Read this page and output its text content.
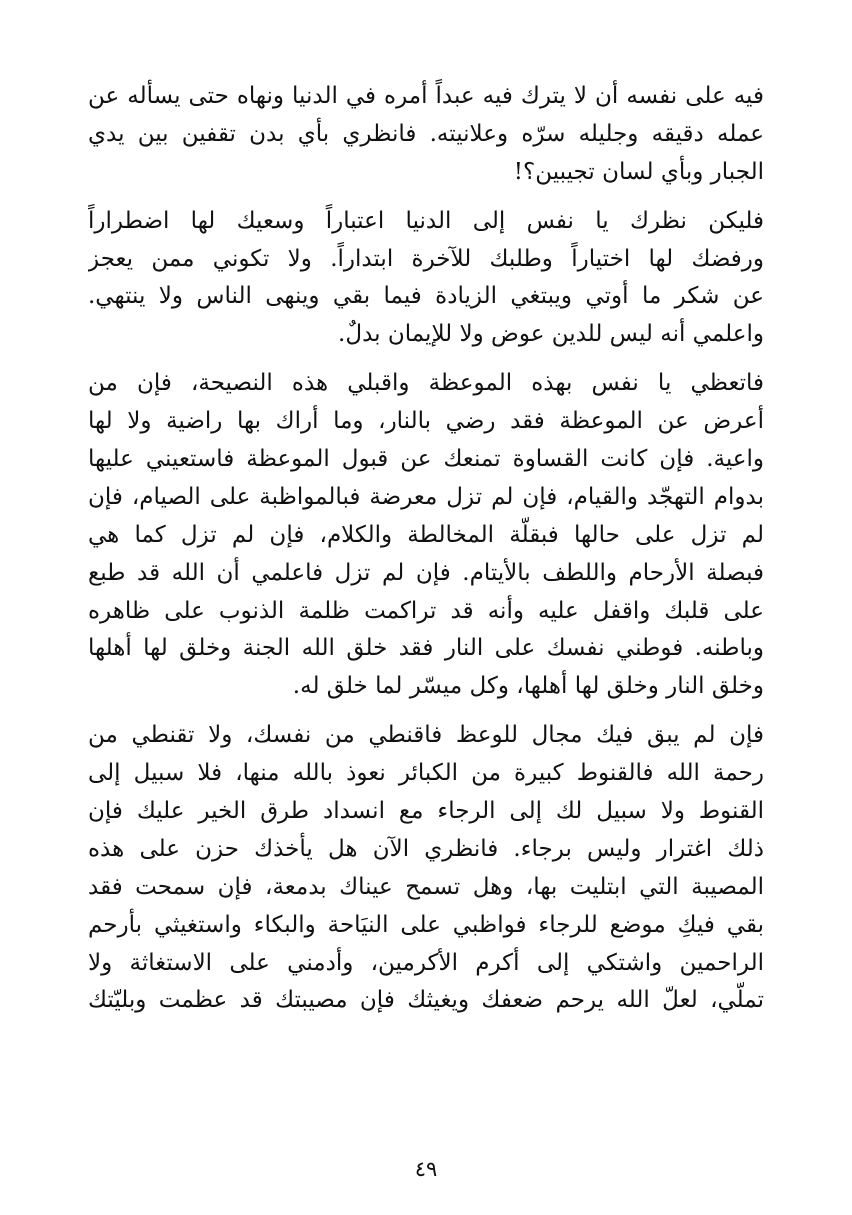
فيه على نفسه أن لا يترك فيه عبداً أمره في الدنيا ونهاه حتى يسأله عن
عمله دقيقه وجليله سرّه وعلانيته. فانظري بأي بدن تقفين بين يدي
الجبار وبأي لسان تجيبين؟!
فليكن نظرك يا نفس إلى الدنيا اعتباراً وسعيك لها اضطراراً
ورفضك لها اختياراً وطلبك للآخرة ابتداراً. ولا تكوني ممن يعجز
عن شكر ما أوتي ويبتغي الزيادة فيما بقي وينهى الناس ولا ينتهي.
واعلمي أنه ليس للدين عوض ولا للإيمان بدلٌ.
فاتعظي يا نفس بهذه الموعظة واقبلي هذه النصيحة، فإن من
أعرض عن الموعظة فقد رضي بالنار، وما أراك بها راضية ولا لها
واعية. فإن كانت القساوة تمنعك عن قبول الموعظة فاستعيني عليها
بدوام التهجّد والقيام، فإن لم تزل معرضة فبالمواظبة على الصيام، فإن
لم تزل على حالها فبقلّة المخالطة والكلام، فإن لم تزل كما هي
فبصلة الأرحام واللطف بالأيتام. فإن لم تزل فاعلمي أن الله قد طبع
على قلبك واقفل عليه وأنه قد تراكمت ظلمة الذنوب على ظاهره
وباطنه. فوطني نفسك على النار فقد خلق الله الجنة وخلق لها أهلها
وخلق النار وخلق لها أهلها، وكل ميسّر لما خلق له.
فإن لم يبق فيك مجال للوعظ فاقنطي من نفسك، ولا تقنطي من
رحمة الله فالقنوط كبيرة من الكبائر نعوذ بالله منها، فلا سبيل إلى
القنوط ولا سبيل لك إلى الرجاء مع انسداد طرق الخير عليك فإن
ذلك اغترار وليس برجاء. فانظري الآن هل يأخذك حزن على هذه
المصيبة التي ابتليت بها، وهل تسمح عيناك بدمعة، فإن سمحت فقد
بقي فيكِ موضع للرجاء فواظبي على النيَاحة والبكاء واستغيثي بأرحم
الراحمين واشتكي إلى أكرم الأكرمين، وأدمني على الاستغاثة ولا
تملّي، لعلّ الله يرحم ضعفك ويغيثك فإن مصيبتك قد عظمت وبليّتك
٤٩
